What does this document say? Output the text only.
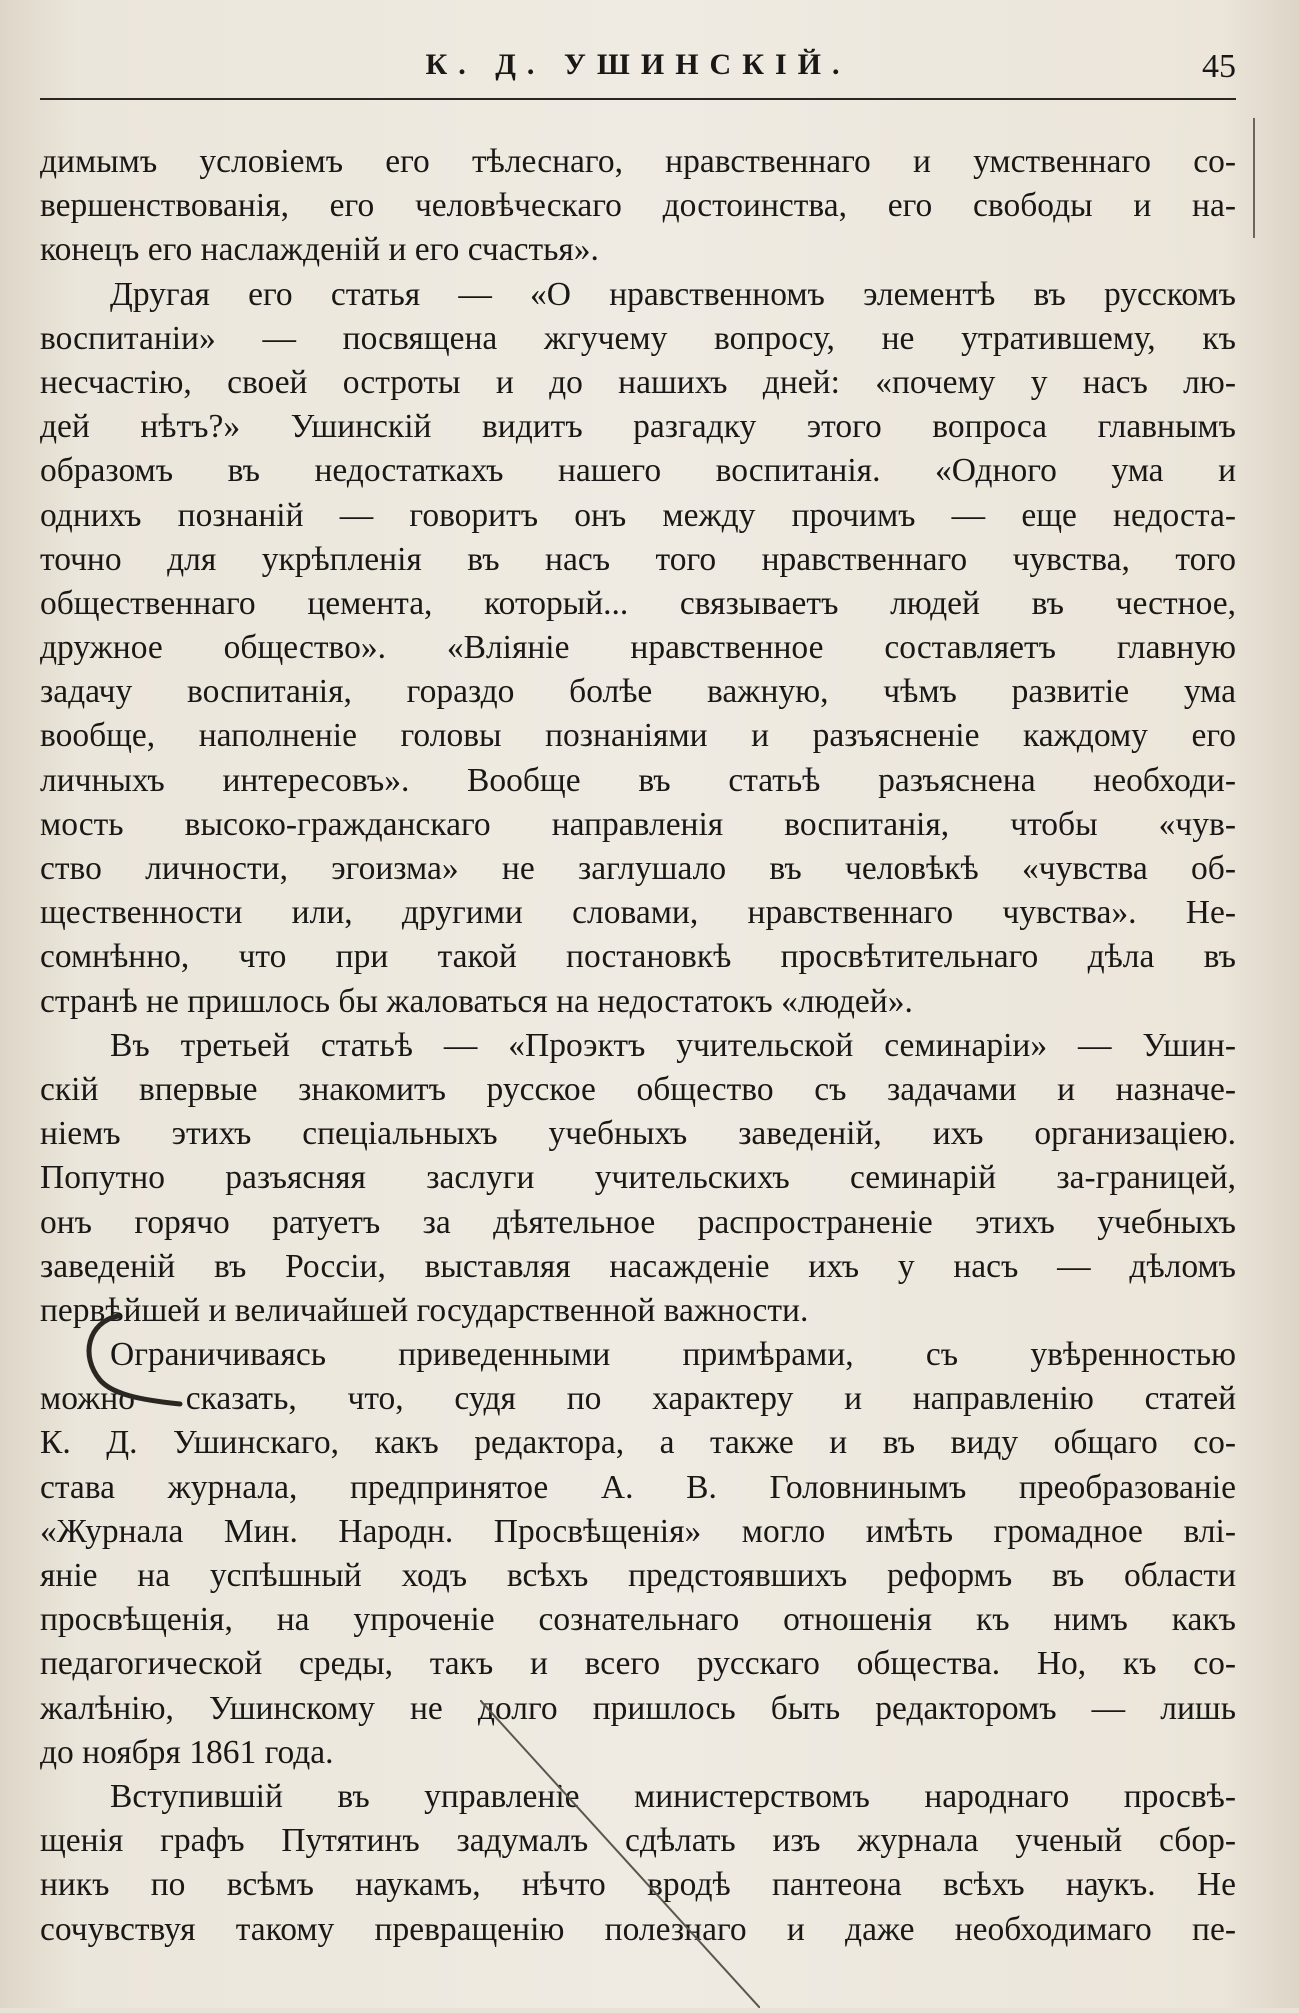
К. Д. УШИНСКІЙ.	45
димымъ условіемъ его тѣлеснаго, нравственнаго и умственнаго со-
вершенствованія, его человѣческаго достоинства, его свободы и на-
конецъ его наслажденій и его счастья».
Другая его статья — «О нравственномъ элементѣ въ русскомъ
воспитаніи» — посвящена жгучему вопросу, не утратившему, къ
несчастію, своей остроты и до нашихъ дней: «почему у насъ лю-
дей нѣтъ?» Ушинскій видитъ разгадку этого вопроса главнымъ
образомъ въ недостаткахъ нашего воспитанія. «Одного ума и
однихъ познаній — говоритъ онъ между прочимъ — еще недоста-
точно для укрѣпленія въ насъ того нравственнаго чувства, того
общественнаго цемента, который... связываетъ людей въ честное,
дружное общество». «Вліяніе нравственное составляетъ главную
задачу воспитанія, гораздо болѣе важную, чѣмъ развитіе ума
вообще, наполненіе головы познаніями и разъясненіе каждому его
личныхъ интересовъ». Вообще въ статьѣ разъяснена необходи-
мость высоко-гражданскаго направленія воспитанія, чтобы «чув-
ство личности, эгоизма» не заглушало въ человѣкѣ «чувства об-
щественности или, другими словами, нравственнаго чувства». Не-
сомнѣнно, что при такой постановкѣ просвѣтительнаго дѣла въ
странѣ не пришлось бы жаловаться на недостатокъ «людей».
Въ третьей статьѣ — «Проэктъ учительской семинаріи» — Ушин-
скій впервые знакомитъ русское общество съ задачами и назначе-
ніемъ этихъ спеціальныхъ учебныхъ заведеній, ихъ организаціею.
Попутно разъясняя заслуги учительскихъ семинарій за-границей,
онъ горячо ратуетъ за дѣятельное распространеніе этихъ учебныхъ
заведеній въ Россіи, выставляя насажденіе ихъ у насъ — дѣломъ
первѣйшей и величайшей государственной важности.
Ограничиваясь приведенными примѣрами, съ увѣренностью
можно сказать, что, судя по характеру и направленію статей
К. Д. Ушинскаго, какъ редактора, а также и въ виду общаго со-
става журнала, предпринятое А. В. Головнинымъ преобразованіе
«Журнала Мин. Народн. Просвѣщенія» могло имѣть громадное влі-
яніе на успѣшный ходъ всѣхъ предстоявшихъ реформъ въ области
просвѣщенія, на упроченіе сознательнаго отношенія къ нимъ какъ
педагогической среды, такъ и всего русскаго общества. Но, къ со-
жалѣнію, Ушинскому не долго пришлось быть редакторомъ — лишь
до ноября 1861 года.
Вступившій въ управленіе министерствомъ народнаго просвѣ-
щенія графъ Путятинъ задумалъ сдѣлать изъ журнала ученый сбор-
никъ по всѣмъ наукамъ, нѣчто вродѣ пантеона всѣхъ наукъ. Не
сочувствуя такому превращенію полезнаго и даже необходимаго пе-
